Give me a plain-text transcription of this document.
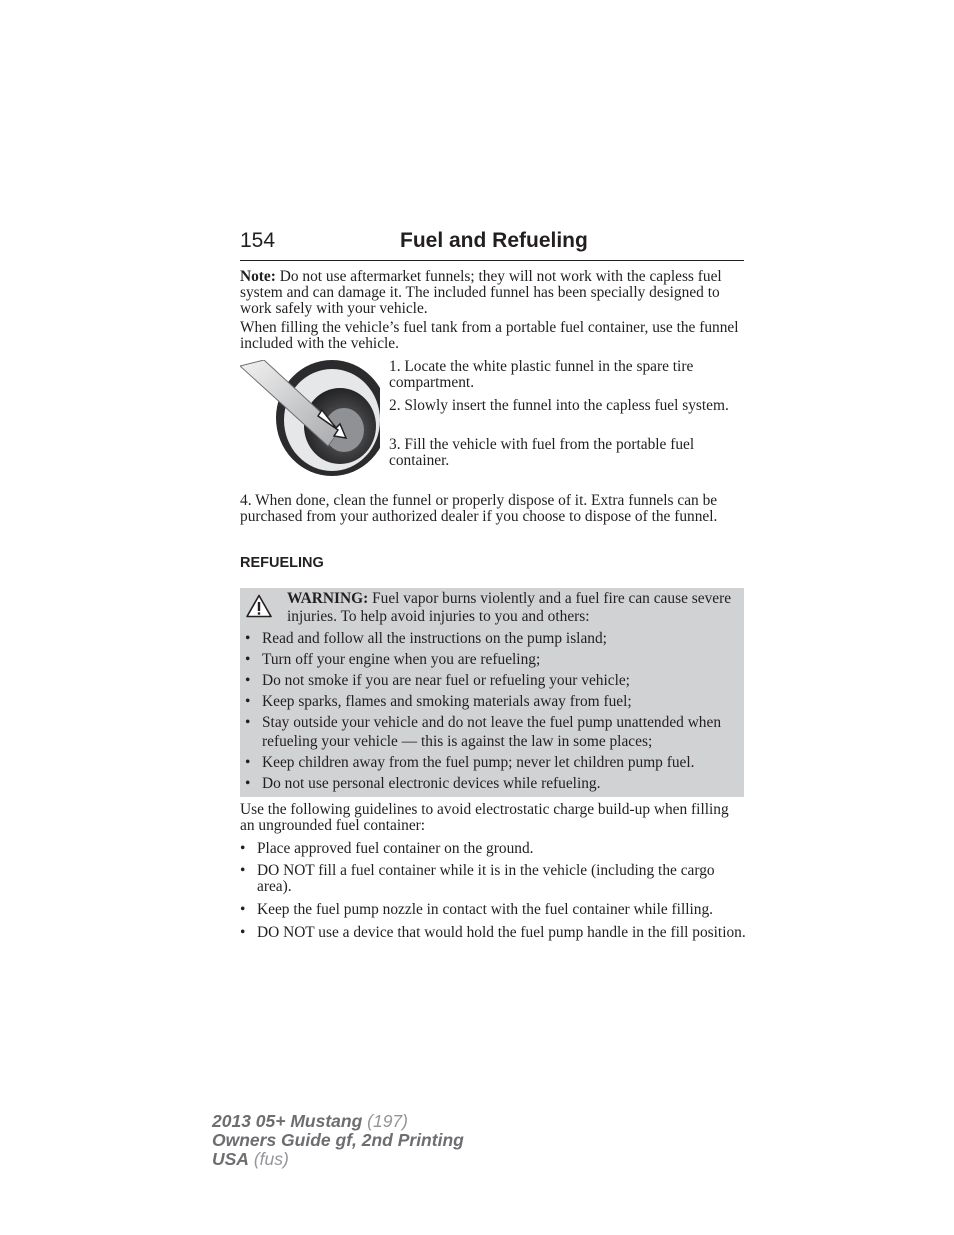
154	Fuel and Refueling
Note: Do not use aftermarket funnels; they will not work with the capless fuel system and can damage it. The included funnel has been specially designed to work safely with your vehicle.
When filling the vehicle’s fuel tank from a portable fuel container, use the funnel included with the vehicle.
1. Locate the white plastic funnel in the spare tire compartment.
2. Slowly insert the funnel into the capless fuel system.
3. Fill the vehicle with fuel from the portable fuel container.
4. When done, clean the funnel or properly dispose of it. Extra funnels can be purchased from your authorized dealer if you choose to dispose of the funnel.
REFUELING
WARNING: Fuel vapor burns violently and a fuel fire can cause severe injuries. To help avoid injuries to you and others:
• Read and follow all the instructions on the pump island;
• Turn off your engine when you are refueling;
• Do not smoke if you are near fuel or refueling your vehicle;
• Keep sparks, flames and smoking materials away from fuel;
• Stay outside your vehicle and do not leave the fuel pump unattended when refueling your vehicle — this is against the law in some places;
• Keep children away from the fuel pump; never let children pump fuel.
• Do not use personal electronic devices while refueling.
Use the following guidelines to avoid electrostatic charge build-up when filling an ungrounded fuel container:
• Place approved fuel container on the ground.
• DO NOT fill a fuel container while it is in the vehicle (including the cargo area).
• Keep the fuel pump nozzle in contact with the fuel container while filling.
• DO NOT use a device that would hold the fuel pump handle in the fill position.
2013 05+ Mustang (197)
Owners Guide gf, 2nd Printing
USA (fus)
